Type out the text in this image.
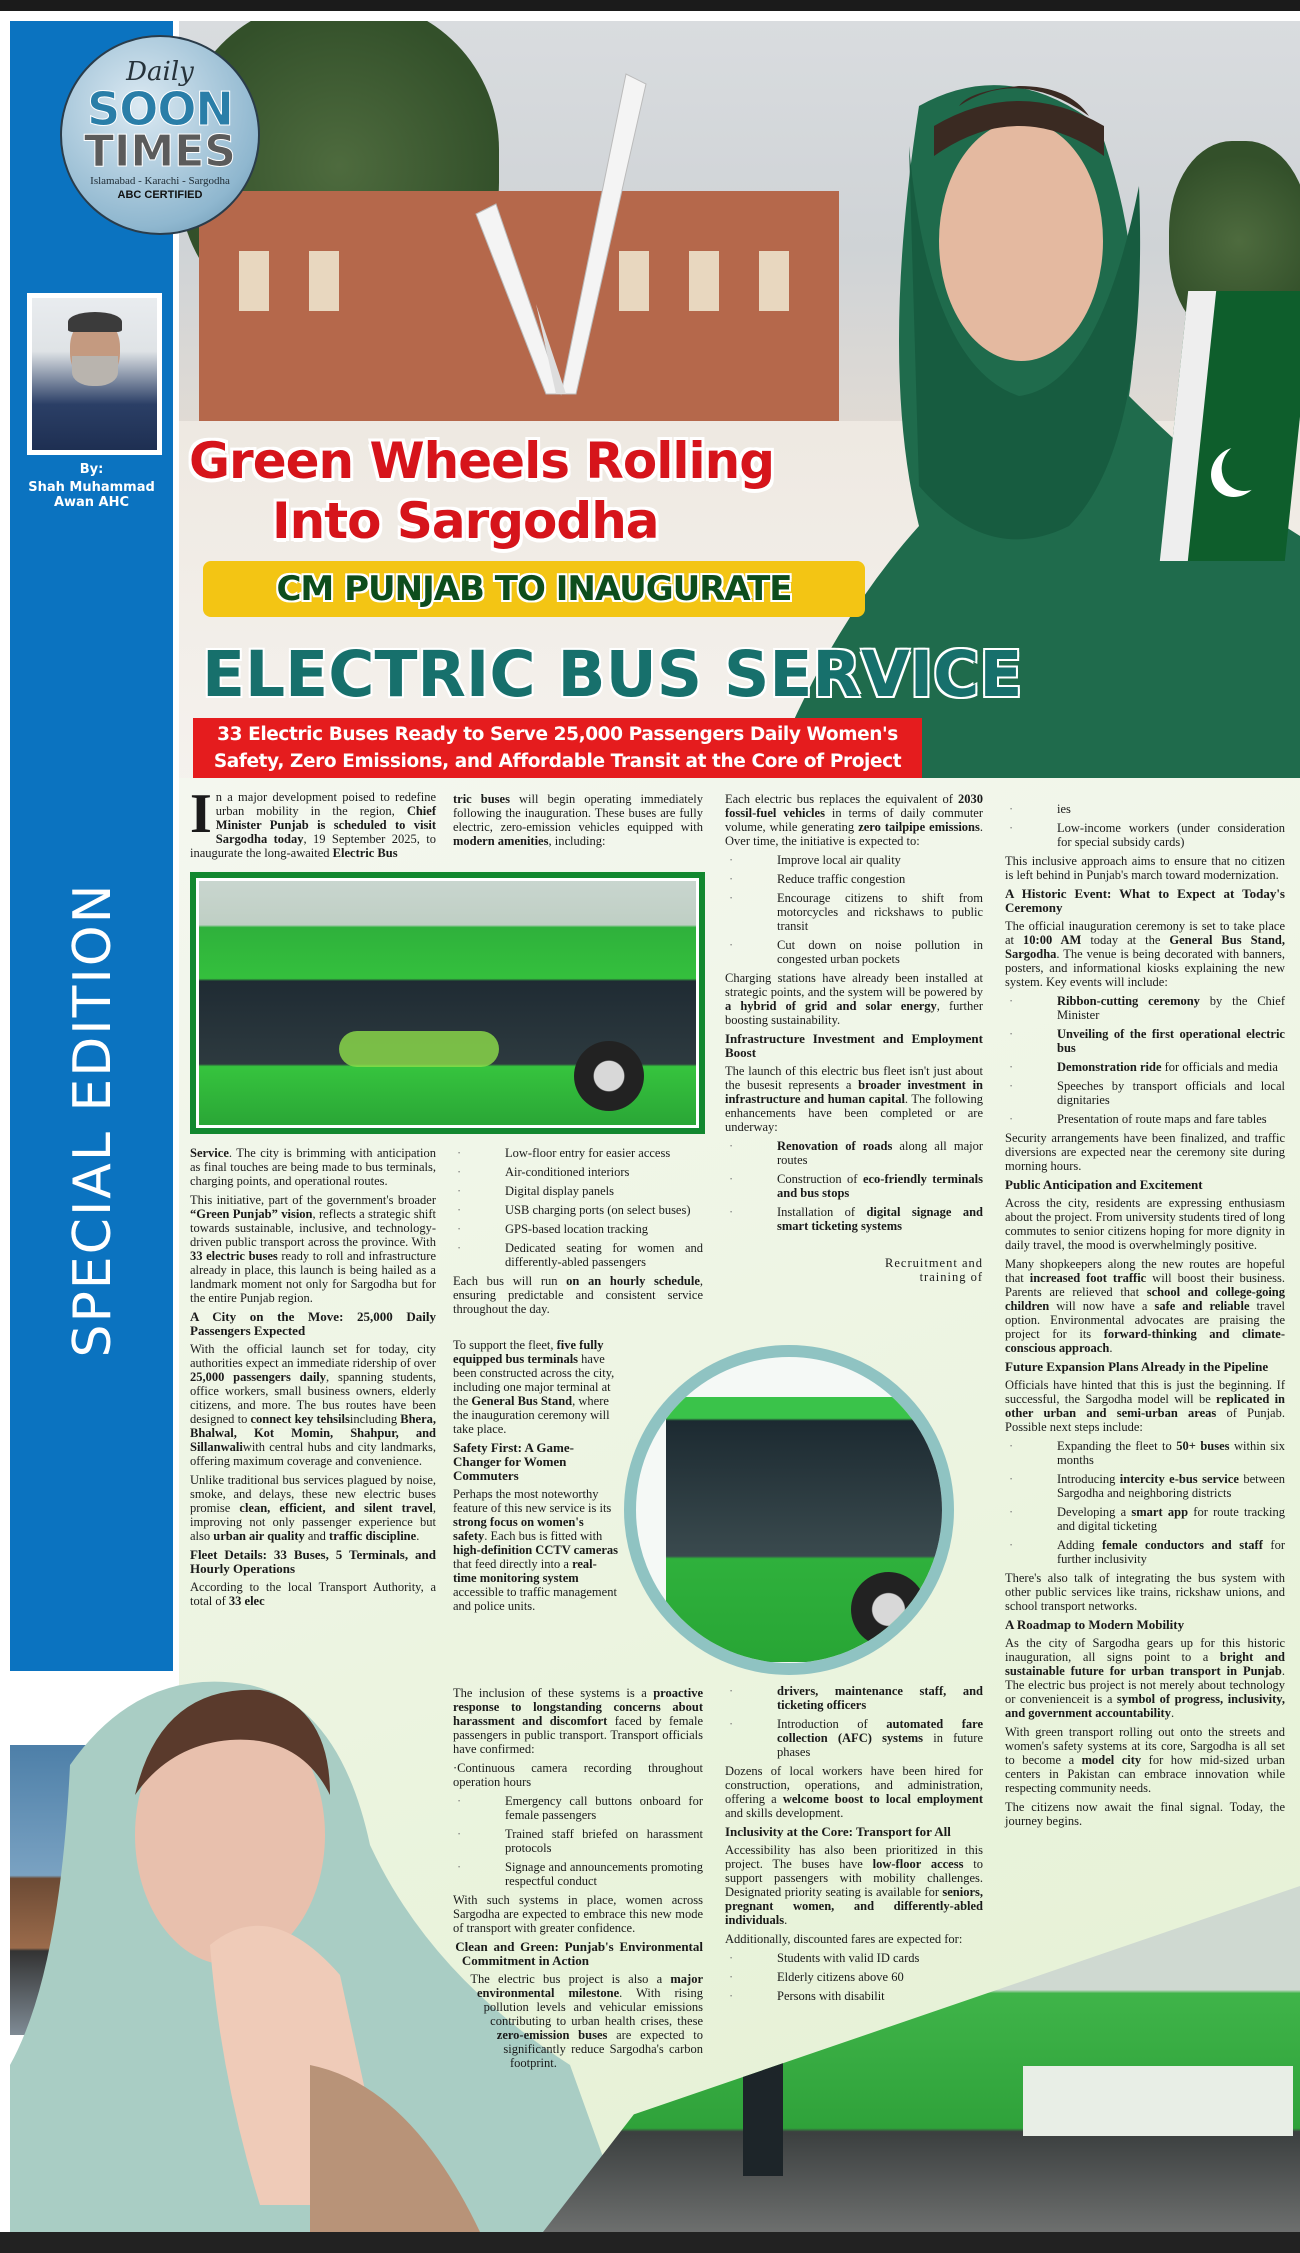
Daily
SOON
TIMES
Islamabad - Karachi - Sargodha
ABC CERTIFIED
By:
Shah Muhammad
Awan AHC
SPECIAL EDITION
Green Wheels Rolling
Into Sargodha
CM PUNJAB TO INAUGURATE
ELECTRIC BUS SERVICE
33 Electric Buses Ready to Serve 25,000 Passengers Daily Women's
Safety, Zero Emissions, and Affordable Transit at the Core of Project
I n a major development poised to redefine urban mobility in the region, Chief Minister Punjab is scheduled to visit Sargodha today, 19 September 2025, to inaugurate the long-awaited Electric Bus
Service. The city is brimming with anticipation as final touches are being made to bus terminals, charging points, and operational routes.
This initiative, part of the government's broader “Green Punjab” vision, reflects a strategic shift towards sustainable, inclusive, and technology-driven public transport across the province. With 33 electric buses ready to roll and infrastructure already in place, this launch is being hailed as a landmark moment not only for Sargodha but for the entire Punjab region.
A City on the Move: 25,000 Daily Passengers Expected
With the official launch set for today, city authorities expect an immediate ridership of over 25,000 passengers daily, spanning students, office workers, small business owners, elderly citizens, and more. The bus routes have been designed to connect key tehsilsincluding Bhera, Bhalwal, Kot Momin, Shahpur, and Sillanwaliwith central hubs and city landmarks, offering maximum coverage and convenience.
Unlike traditional bus services plagued by noise, smoke, and delays, these new electric buses promise clean, efficient, and silent travel, improving not only passenger experience but also urban air quality and traffic discipline.
Fleet Details: 33 Buses, 5 Terminals, and Hourly Operations
According to the local Transport Authority, a total of 33 elec
tric buses will begin operating immediately following the inauguration. These buses are fully electric, zero-emission vehicles equipped with modern amenities, including:
· Low-floor entry for easier access
· Air-conditioned interiors
· Digital display panels
· USB charging ports (on select buses)
· GPS-based location tracking
· Dedicated seating for women and differently-abled passengers
Each bus will run on an hourly schedule, ensuring predictable and consistent service throughout the day.
To support the fleet, five fully equipped bus terminals have been constructed across the city, including one major terminal at the General Bus Stand, where the inauguration ceremony will take place.
Safety First: A Game-Changer for Women Commuters
Perhaps the most noteworthy feature of this new service is its strong focus on women's safety. Each bus is fitted with high-definition CCTV cameras that feed directly into a real-time monitoring system accessible to traffic management and police units.
The inclusion of these systems is a proactive response to longstanding concerns about harassment and discomfort faced by female passengers in public transport. Transport officials have confirmed:
·Continuous camera recording throughout operation hours
· Emergency call buttons onboard for female passengers
· Trained staff briefed on harassment protocols
· Signage and announcements promoting respectful conduct
With such systems in place, women across Sargodha are expected to embrace this new mode of transport with greater confidence.
Clean and Green: Punjab's Environmental Commitment in Action
The electric bus project is also a major environmental milestone. With rising pollution levels and vehicular emissions contributing to urban health crises, these zero-emission buses are expected to significantly reduce Sargodha's carbon footprint.
Each electric bus replaces the equivalent of 2030 fossil-fuel vehicles in terms of daily commuter volume, while generating zero tailpipe emissions. Over time, the initiative is expected to:
· Improve local air quality
· Reduce traffic congestion
· Encourage citizens to shift from motorcycles and rickshaws to public transit
· Cut down on noise pollution in congested urban pockets
Charging stations have already been installed at strategic points, and the system will be powered by a hybrid of grid and solar energy, further boosting sustainability.
Infrastructure Investment and Employment Boost
The launch of this electric bus fleet isn't just about the busesit represents a broader investment in infrastructure and human capital. The following enhancements have been completed or are underway:
· Renovation of roads along all major routes
· Construction of eco-friendly terminals and bus stops
· Installation of digital signage and smart ticketing systems
Recruitment and training of
· drivers, maintenance staff, and ticketing officers
· Introduction of automated fare collection (AFC) systems in future phases
Dozens of local workers have been hired for construction, operations, and administration, offering a welcome boost to local employment and skills development.
Inclusivity at the Core: Transport for All
Accessibility has also been prioritized in this project. The buses have low-floor access to support passengers with mobility challenges. Designated priority seating is available for seniors, pregnant women, and differently-abled individuals.
Additionally, discounted fares are expected for:
· Students with valid ID cards
· Elderly citizens above 60
· Persons with disabilit
· ies
· Low-income workers (under consideration for special subsidy cards)
This inclusive approach aims to ensure that no citizen is left behind in Punjab's march toward modernization.
A Historic Event: What to Expect at Today's Ceremony
The official inauguration ceremony is set to take place at 10:00 AM today at the General Bus Stand, Sargodha. The venue is being decorated with banners, posters, and informational kiosks explaining the new system. Key events will include:
· Ribbon-cutting ceremony by the Chief Minister
· Unveiling of the first operational electric bus
· Demonstration ride for officials and media
· Speeches by transport officials and local dignitaries
· Presentation of route maps and fare tables
Security arrangements have been finalized, and traffic diversions are expected near the ceremony site during morning hours.
Public Anticipation and Excitement
Across the city, residents are expressing enthusiasm about the project. From university students tired of long commutes to senior citizens hoping for more dignity in daily travel, the mood is overwhelmingly positive.
Many shopkeepers along the new routes are hopeful that increased foot traffic will boost their business. Parents are relieved that school and college-going children will now have a safe and reliable travel option. Environmental advocates are praising the project for its forward-thinking and climate-conscious approach.
Future Expansion Plans Already in the Pipeline
Officials have hinted that this is just the beginning. If successful, the Sargodha model will be replicated in other urban and semi-urban areas of Punjab. Possible next steps include:
· Expanding the fleet to 50+ buses within six months
· Introducing intercity e-bus service between Sargodha and neighboring districts
· Developing a smart app for route tracking and digital ticketing
· Adding female conductors and staff for further inclusivity
There's also talk of integrating the bus system with other public services like trains, rickshaw unions, and school transport networks.
A Roadmap to Modern Mobility
As the city of Sargodha gears up for this historic inauguration, all signs point to a bright and sustainable future for urban transport in Punjab. The electric bus project is not merely about technology or convenienceit is a symbol of progress, inclusivity, and government accountability.
With green transport rolling out onto the streets and women's safety systems at its core, Sargodha is all set to become a model city for how mid-sized urban centers in Pakistan can embrace innovation while respecting community needs.
The citizens now await the final signal. Today, the journey begins.
